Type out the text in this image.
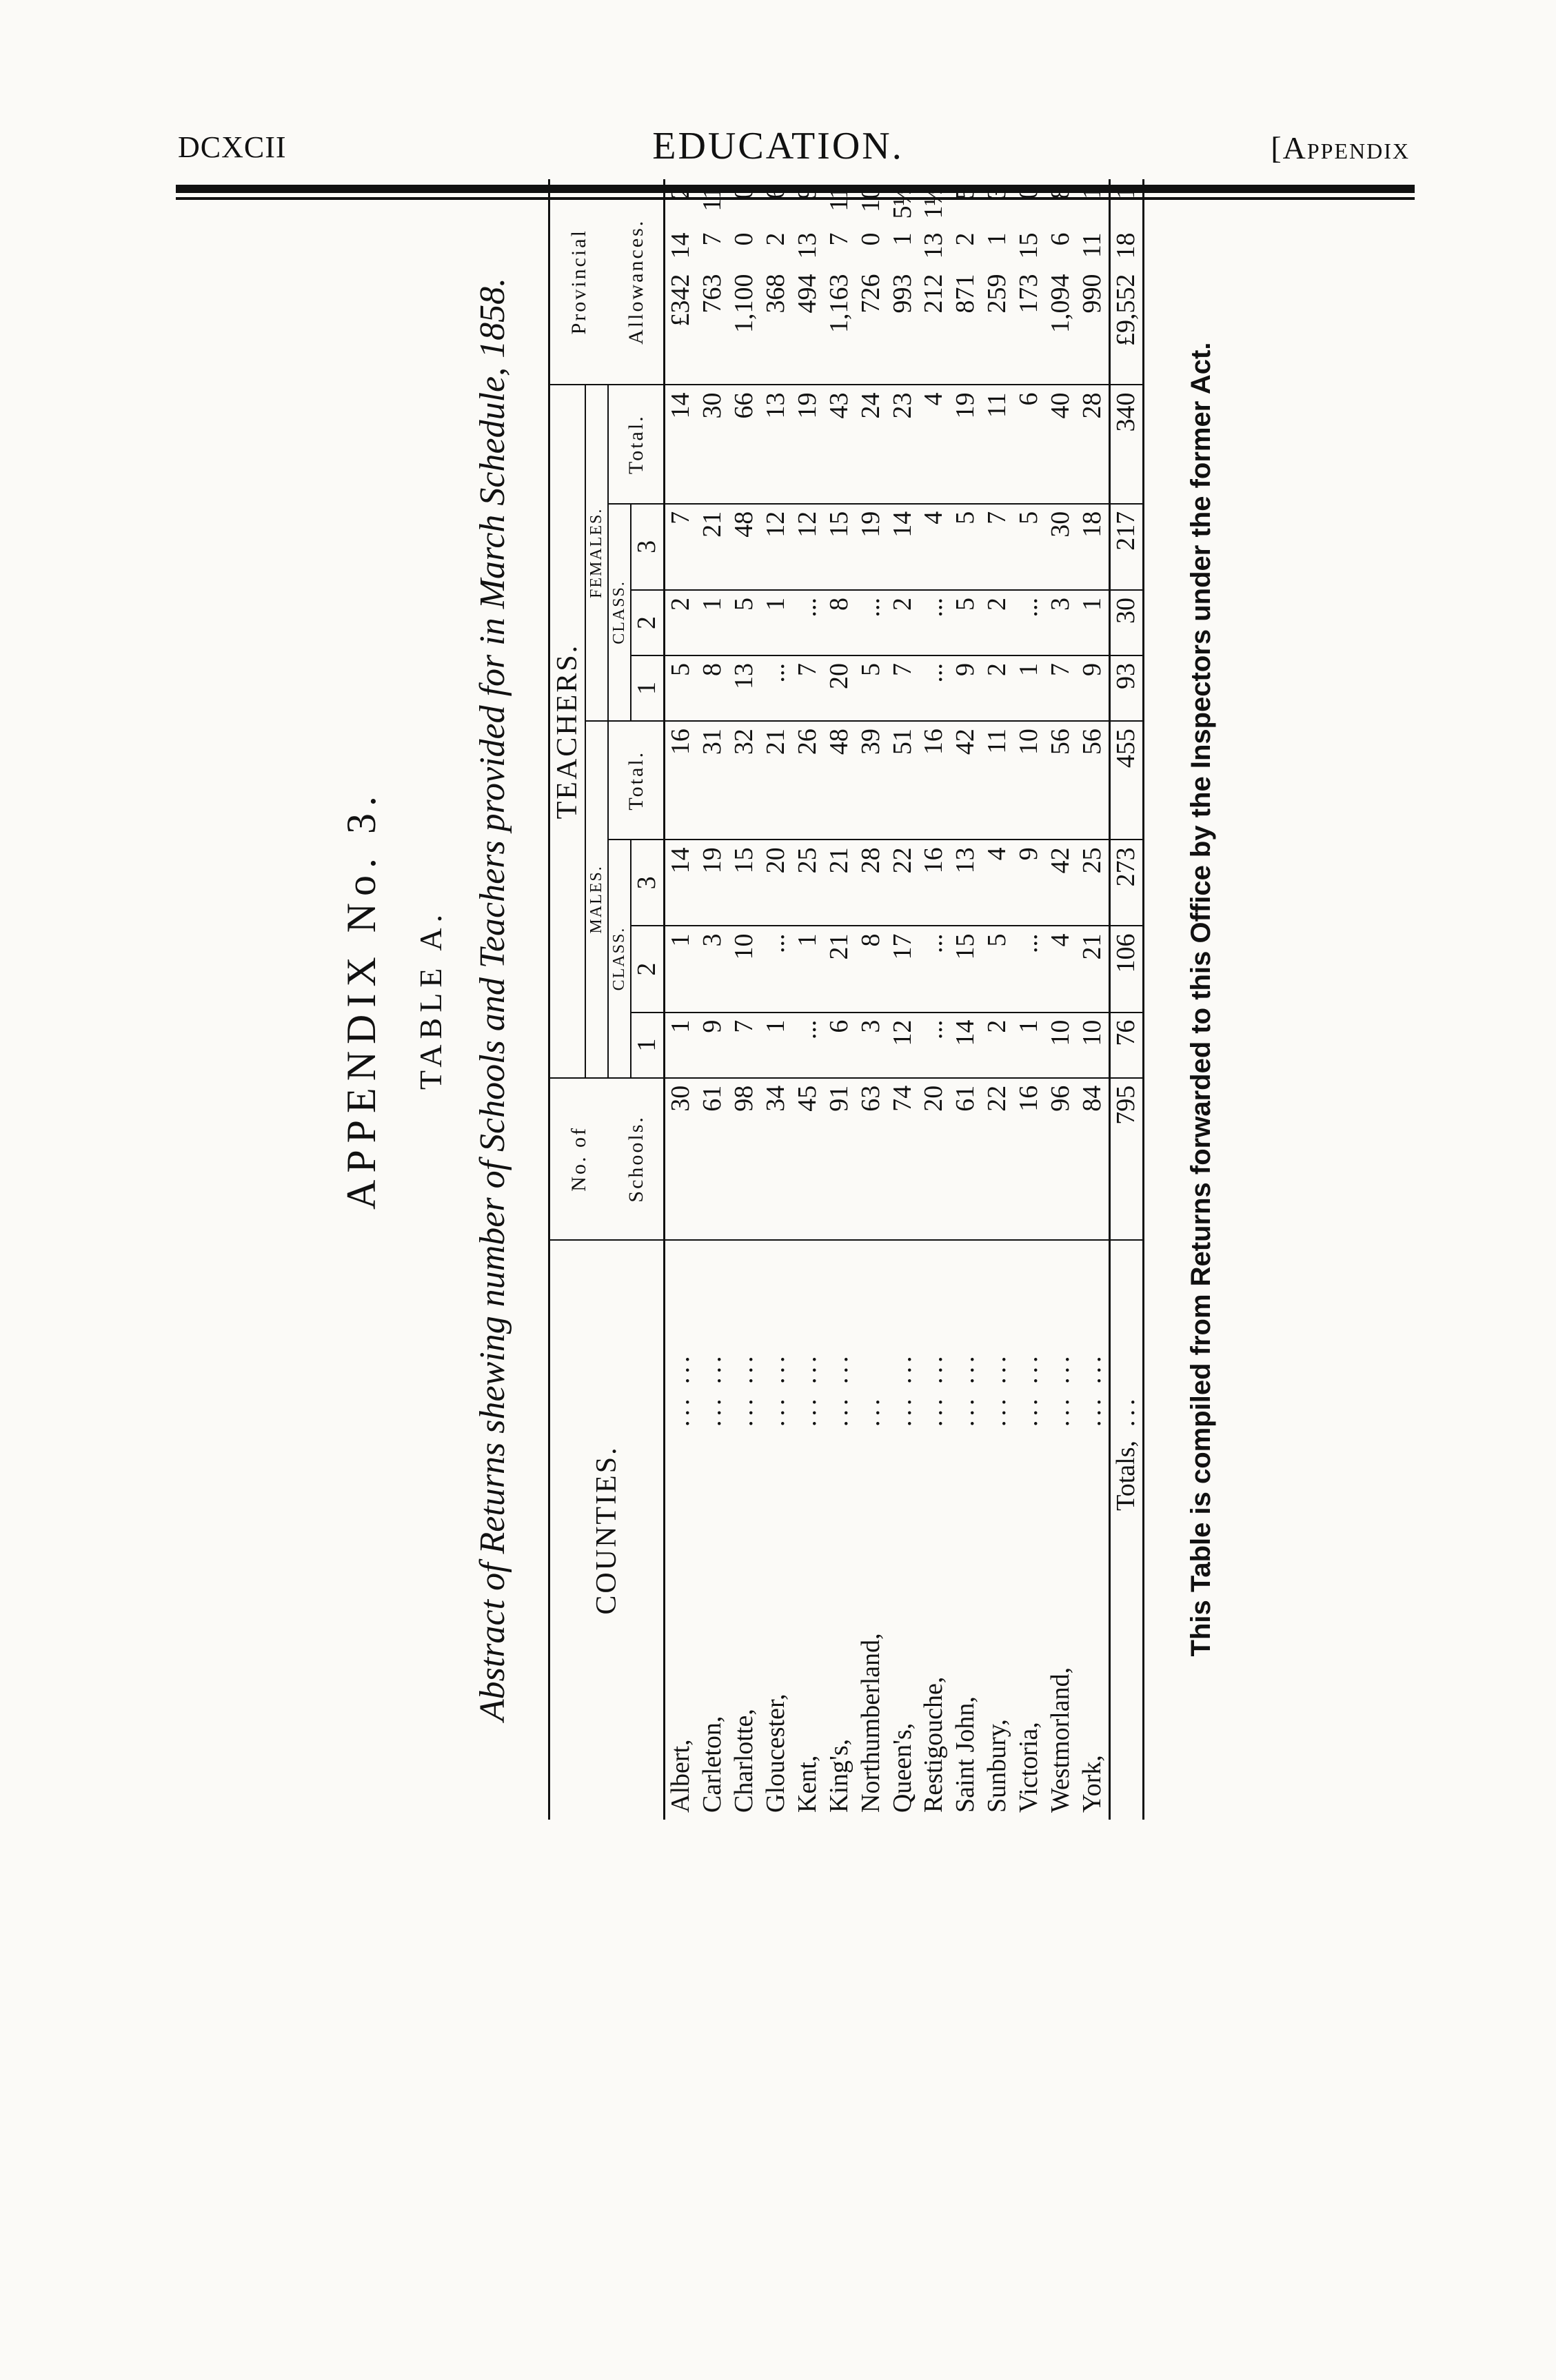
DCXCII	EDUCATION.	[Appendix
APPENDIX No. 3. TABLE A. Abstract of Returns shewing number of Schools and Teachers provided for in March Schedule, 1858.	COUNTIES.		No. of	TEACHERS.								Provincial		
			MALES.				FEMALES.						
		Schools.	CLASS.			Total.	CLASS.			Total.	Allowances.		
			1	2	3		1	2	3				
Albert,	... ...	30	1	1	14	16	5	2	7	14	£342	14	2
Carleton,	... ...	61	9	3	19	31	8	1	21	30	763	7	11
Charlotte,	... ...	98	7	10	15	32	13	5	48	66	1,100	0	0
Gloucester,	... ...	34	1	...	20	21	...	1	12	13	368	2	6
Kent,	... ...	45	...	1	25	26	7	...	12	19	494	13	9
King's,	... ...	91	6	21	21	48	20	8	15	43	1,163	7	11
Northumberland,	...	63	3	8	28	39	5	...	19	24	726	0	10
Queen's,	... ...	74	12	17	22	51	7	2	14	23	993	1	5½
Restigouche,	... ...	20	...	...	16	16	...	...	4	4	212	13	1½
Saint John,	... ...	61	14	15	13	42	9	5	5	19	871	2	5
Sunbury,	... ...	22	2	5	4	11	2	2	7	11	259	1	3
Victoria,	... ...	16	1	...	9	10	1	...	5	6	173	15	0
Westmorland,	... ...	96	10	4	42	56	7	3	30	40	1,094	6	8
York,	... ...	84	10	21	25	56	9	1	18	28	990	11	1
Totals,	...	795	76	106	273	455	93	30	217	340	£9,552	18	1
This Table is compiled from Returns forwarded to this Office by the Inspectors under the former Act.
